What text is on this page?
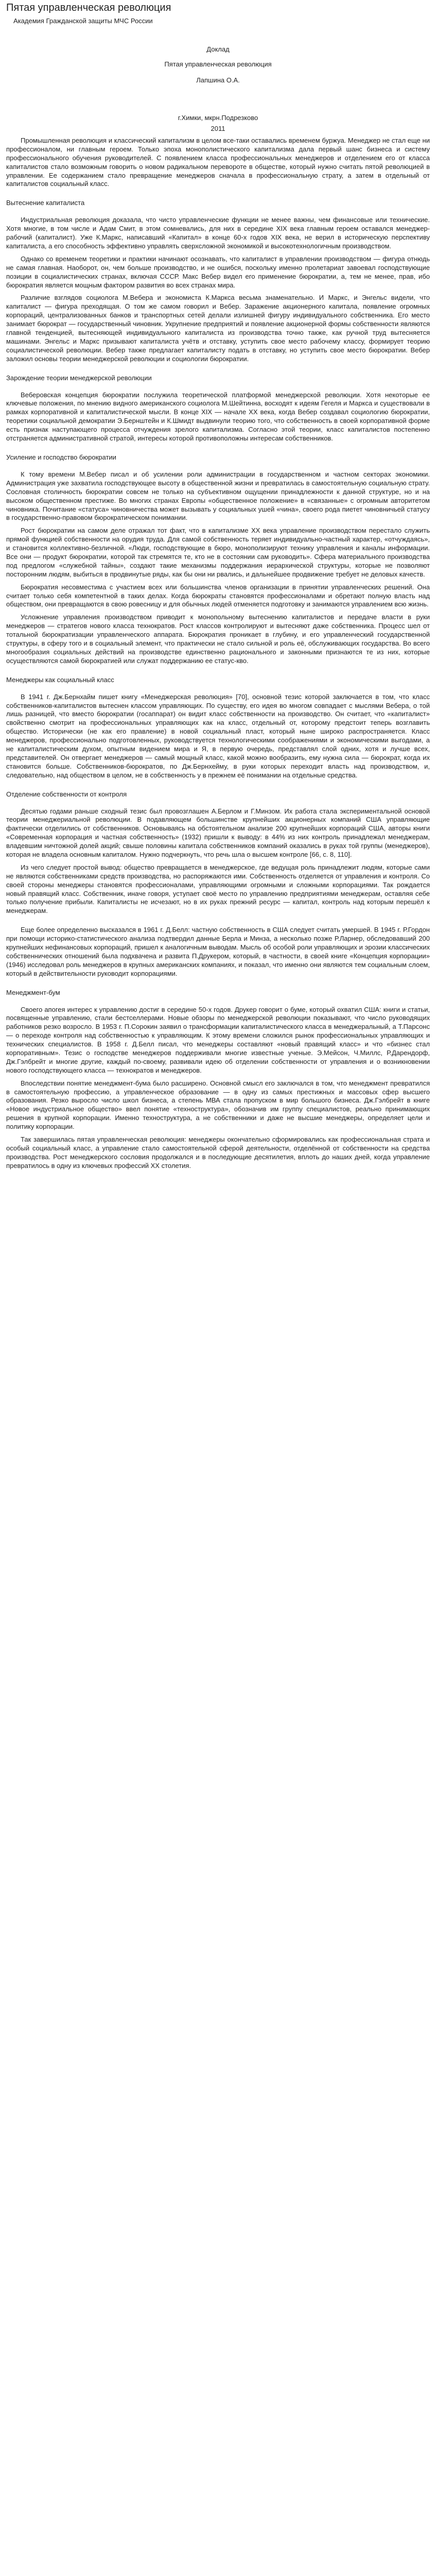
Пятая управленческая революция
Академия Гражданской защиты МЧС России
Доклад
Пятая управленческая революция
Лапшина О.А.
г.Химки, мкрн.Подрезково
2011

Промышленная революция и классический капитализм в целом все-таки оставались временем буржуа. Менеджер не стал еще ни профессионалом, ни главным героем. Только эпоха монополистического капитализма дала первый шанс бизнеса и систему профессионального обучения руководителей. С появлением класса профессиональных менеджеров и отделением его от класса капиталистов стало возможным говорить о новом радикальном перевороте в обществе, который нужно считать пятой революцией в управлении. Ее содержанием стало превращение менеджеров сначала в профессиональную страту, а затем в отдельный от капиталистов социальный класс.

Вытеснение капиталиста

Индустриальная революция доказала, что чисто управленческие функции не менее важны, чем финансовые или технические. Хотя многие, в том числе и Адам Смит, в этом сомневались, для них в середине XIX века главным героем оставался менеджер-рабочий (капиталист). Уже К.Маркс, написавший «Капитал» в конце 60-х годов XIX века, не верил в историческую перспективу капиталиста, а его способность эффективно управлять сверхсложной экономикой и высокотехнологичным производством.

Однако со временем теоретики и практики начинают осознавать, что капиталист в управлении производством — фигура отнюдь не самая главная. Наоборот, он, чем больше производство, и не ошибся, поскольку именно пролетариат завоевал господствующие позиции в социалистических странах, включая СССР. Макс Вебер видел его применение бюрократии, а, тем не менее, прав, ибо бюрократия является мощным фактором развития во всех странах мира.

Различие взглядов социолога М.Вебера и экономиста К.Маркса весьма знаменательно. И Маркс, и Энгельс видели, что капиталист — фигура преходящая. О том же самом говорил и Вебер. Заражение акционерного капитала, появление огромных корпораций, централизованных банков и транспортных сетей делали излишней фигуру индивидуального собственника. Его место занимает бюрократ — государственный чиновник. Укрупнение предприятий и появление акционерной формы собственности являются главной тенденцией, вытесняющей индивидуального капиталиста из производства точно также, как ручной труд вытесняется машинами. Энгельс и Маркс призывают капиталиста учётв и отставку, уступить свое место рабочему классу, формирует теорию социалистической революции. Вебер также предлагает капиталисту подать в отставку, но уступить свое место бюрократии. Вебер заложил основы теории менеджерской революции и социологии бюрократии.

Зарождение теории менеджерской революции

Веберовская концепция бюрократии послужила теоретической платформой менеджерской революции. Хотя некоторые ее ключевые положения, по мнению видного американского социолога М.Шейтинна, восходят к идеям Гегеля и Маркса и существовали в рамках корпоративной и капиталистической мысли. В конце XIX — начале XX века, когда Вебер создавал социологию бюрократии, теоретики социальной демократии Э.Бернштейн и К.Шмидт выдвинули теорию того, что собственность в своей корпоративной форме есть признак наступающего процесса отчуждения зрелого капитализма. Согласно этой теории, класс капиталистов постепенно отстраняется административной стратой, интересы которой противоположны интересам собственников.

Усиление и господство бюрократии

К тому времени М.Вебер писал и об усилении роли администрации в государственном и частном секторах экономики. Администрация уже захватила господствующее высоту в общественной жизни и превратилась в самостоятельную социальную страту. Сословная столичность бюрократии совсем не только на субъективном ощущении принадлежности к данной структуре, но и на высоком общественном престиже. Во многих странах Европы «общественное положение» в «связанные» с огромным авторитетом чиновника. Почитание «статуса» чиновничества может вызывать у социальных ушей «чина», своего рода пиетет чиновничьей статусу в государственно-правовом бюрократическом понимании.

Рост бюрократии на самом деле отражал тот факт, что в капитализме XX века управление производством перестало служить прямой функцией собственности на орудия труда. Для самой собственность теряет индивидуально-частный характер, «отчуждаясь», и становится коллективно-безличной. «Люди, господствующие в бюро, монополизируют технику управления и каналы информации. Все они — продукт бюрократии, которой так стремятся те, кто не в состоянии сам руководить». Сфера материального производства под предлогом «служебной тайны», создают такие механизмы поддержания иерархической структуры, которые не позволяют посторонним людям, выбиться в продвинутые ряды, как бы они ни рвались, и дальнейшее продвижение требует не деловых качеств.

Бюрократия несовместима с участием всех или большинства членов организации в принятии управленческих решений. Она считает только себя компетентной в таких делах. Когда бюрократы становятся профессионалами и обретают полную власть над обществом, они превращаются в свою ровесницу и для обычных людей отменяется подготовку и занимаются управлением всю жизнь.

Усложнение управления производством приводит к монопольному вытеснению капиталистов и передаче власти в руки менеджеров — стратегов нового класса технократов. Рост классов контролируют и вытесняют даже собственника. Процесс шел от тотальной бюрократизации управленческого аппарата. Бюрократия проникает в глубину, и его управленческий государственной структуры, в сферу того и в социальный элемент, что практически не стало сильной и роль её, обслуживающих государства. Во всего многообразия социальных действий на производстве единственно рационального и законными признаются те из них, которые осуществляются самой бюрократией или служат поддержанию ее статус-кво.

Менеджеры как социальный класс

В 1941 г. Дж.Бернхайм пишет книгу «Менеджерская революция» [70], основной тезис которой заключается в том, что класс собственников-капиталистов вытеснен классом управляющих. По существу, его идея во многом совпадает с мыслями Вебера, о той лишь разницей, что вместо бюрократии (госаппарат) он видит класс собственности на производство. Он считает, что «капиталист» свойственно смотрит на профессиональных управляющих как на класс, отдельный от, которому предстоит теперь возглавить общество. Исторически (не как его правление) в новой социальный пласт, который ныне широко распространяется. Класс менеджеров, профессионально подготовленных, руководствуется технологическими соображениями и экономическими выгодами, а не капиталистическим духом, опытным видением мира и Я, в первую очередь, представлял слой одних, хотя и лучше всех, представителей. Он отвергает менеджеров — самый мощный класс, какой можно вообразить, ему нужна сила — бюрократ, когда их становится больше. Собственников-бюрократов, по Дж.Бернхейму, в руки которых переходит власть над производством, и, следовательно, над обществом в целом, не в собственность у в прежнем её понимании на отдельные средства.

Отделение собственности от контроля

Десятью годами раньше сходный тезис был провозглашен А.Берлом и Г.Минзом. Их работа стала экспериментальной основой теории менеджериальной революции. В подавляющем большинстве крупнейших акционерных компаний США управляющие фактически отделились от собственников. Основываясь на обстоятельном анализе 200 крупнейших корпораций США, авторы книги «Современная корпорация и частная собственность» (1932) пришли к выводу: в 44% из них контроль принадлежал менеджерам, владевшим ничтожной долей акций; свыше половины капитала собственников компаний оказались в руках той группы (менеджеров), которая не владела основным капиталом. Нужно подчеркнуть, что речь шла о высшем контроле [66, с. 8, 110].

Из чего следует простой вывод: общество превращается в менеджерское, где ведущая роль принадлежит людям, которые сами не являются собственниками средств производства, но распоряжаются ими. Собственность отделяется от управления и контроля. Со своей стороны менеджеры становятся профессионалами, управляющими огромными и сложными корпорациями. Так рождается новый правящий класс. Собственник, иначе говоря, уступает своё место по управлению предприятиями менеджерам, оставляя себе только получение прибыли. Капиталисты не исчезают, но в их руках прежний ресурс — капитал, контроль над которым перешёл к менеджерам.

Еще более определенно высказался в 1961 г. Д.Белл: частную собственность в США следует считать умершей. В 1945 г. Р.Гордон при помощи историко-статистического анализа подтвердил данные Берла и Минза, а несколько позже Р.Ларнер, обследовавший 200 крупнейших нефинансовых корпораций, пришел к аналогичным выводам. Мысль об особой роли управляющих и эрозии классических собственнических отношений была подхвачена и развита П.Друкером, который, в частности, в своей книге «Концепция корпорации» (1946) исследовал роль менеджеров в крупных американских компаниях, и показал, что именно они являются тем социальным слоем, который в действительности руководит корпорациями.

Менеджмент-бум

Своего апогея интерес к управлению достиг в середине 50-х годов. Друкер говорит о буме, который охватил США: книги и статьи, посвященные управлению, стали бестселлерами. Новые обзоры по менеджерской революции показывают, что число руководящих работников резко возросло. В 1953 г. П.Сорокин заявил о трансформации капиталистического класса в менеджеральный, а Т.Парсонс — о переходе контроля над собственностью к управляющим. К этому времени сложился рынок профессиональных управляющих и технических специалистов. В 1958 г. Д.Белл писал, что менеджеры составляют «новый правящий класс» и что «бизнес стал корпоративным». Тезис о господстве менеджеров поддерживали многие известные ученые. Э.Мейсон, Ч.Миллс, Р.Дарендорф, Дж.Гэлбрейт и многие другие, каждый по-своему, развивали идею об отделении собственности от управления и о возникновении нового господствующего класса — технократов и менеджеров.

Впоследствии понятие менеджмент-бума было расширено. Основной смысл его заключался в том, что менеджмент превратился в самостоятельную профессию, а управленческое образование — в одну из самых престижных и массовых сфер высшего образования. Резко выросло число школ бизнеса, а степень МВА стала пропуском в мир большого бизнеса. Дж.Гэлбрейт в книге «Новое индустриальное общество» ввел понятие «техноструктура», обозначив им группу специалистов, реально принимающих решения в крупной корпорации. Именно техноструктура, а не собственники и даже не высшие менеджеры, определяет цели и политику корпорации.

Так завершилась пятая управленческая революция: менеджеры окончательно сформировались как профессиональная страта и особый социальный класс, а управление стало самостоятельной сферой деятельности, отделённой от собственности на средства производства. Рост менеджерского сословия продолжался и в последующие десятилетия, вплоть до наших дней, когда управление превратилось в одну из ключевых профессий XX столетия.
